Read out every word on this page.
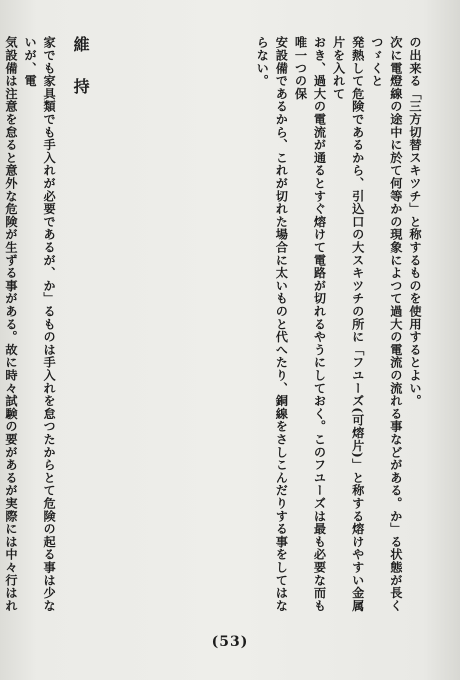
の出来る「三方切替スキツチ」と称するものを使用するとよい。

次に電燈線の途中に於て何等かの現象によつて過大の電流の流れる事などがある。か」る状態が長くつゞくと

発熱して危険であるから、引込口の大スキツチの所に「フユーズ(可熔片)」と称する熔けやすい金属片を入れて

おき、過大の電流が通るとすぐ熔けて電路が切れるやうにしておく。このフユーズは最も必要な而も唯一つの保

安設備であるから、これが切れた場合に太いものと代へたり、銅線をさしこんだりする事をしてはならない。

維持

家でも家具類でも手入れが必要であるが、か」るものは手入れを怠つたからとて危険の起る事は少ないが、電

気設備は注意を怠ると意外な危険が生ずる事がある。故に時々試験の要があるが実際には中々行はれ

(53)
